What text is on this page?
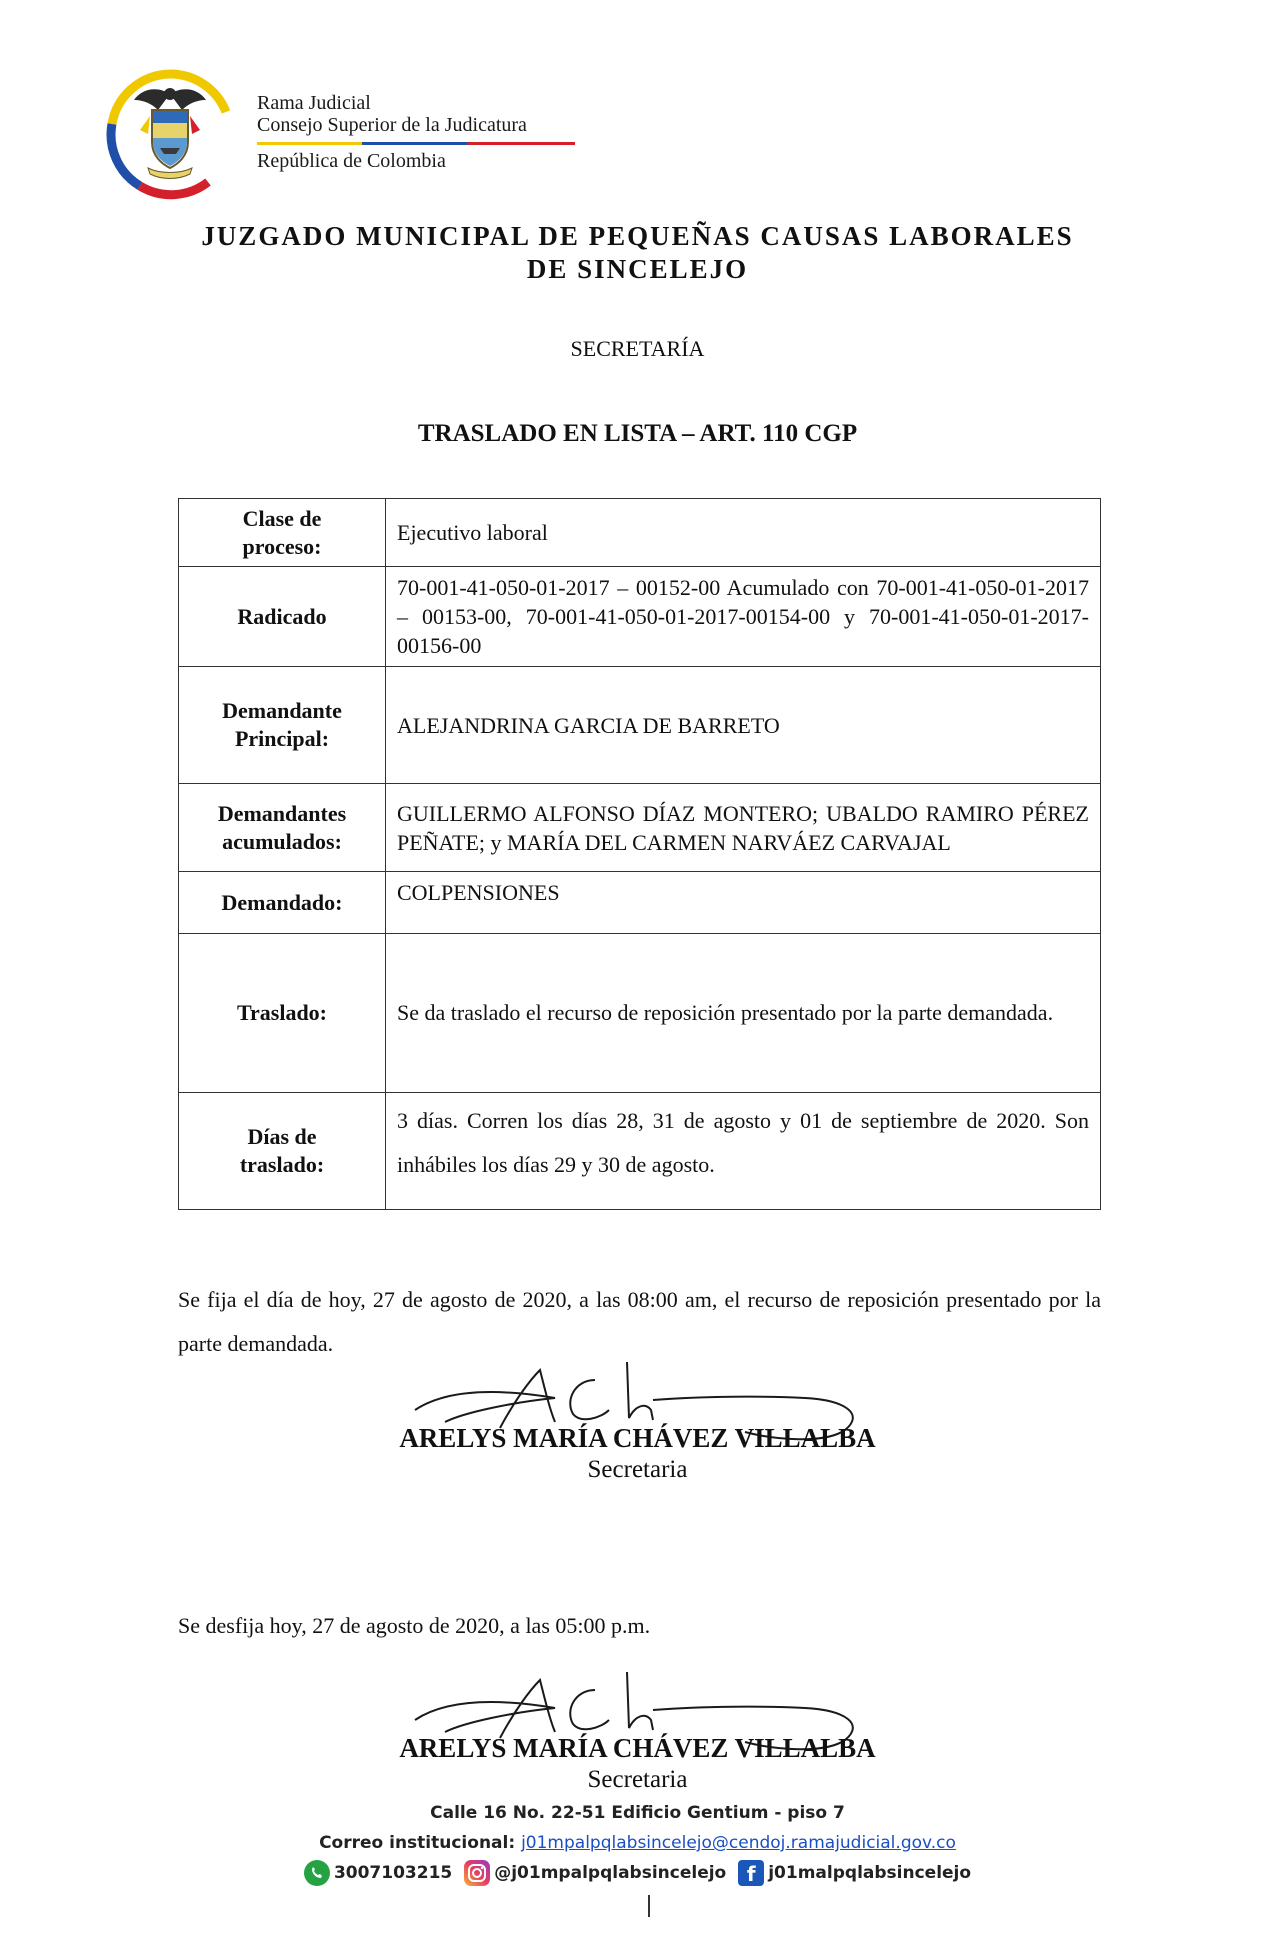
Rama Judicial
Consejo Superior de la Judicatura
República de Colombia
JUZGADO MUNICIPAL DE PEQUEÑAS CAUSAS LABORALES
DE SINCELEJO
SECRETARÍA
TRASLADO EN LISTA – ART. 110 CGP
Clase de
proceso:	Ejecutivo laboral

Radicado	70-001-41-050-01-2017 – 00152-00 Acumulado con 70-001-41-050-01-2017 – 00153-00, 70-001-41-050-01-2017-00154-00 y 70-001-41-050-01-2017-00156-00

Demandante
Principal:	ALEJANDRINA GARCIA DE BARRETO

Demandantes
acumulados:	GUILLERMO ALFONSO DÍAZ MONTERO; UBALDO RAMIRO PÉREZ PEÑATE; y MARÍA DEL CARMEN NARVÁEZ CARVAJAL

Demandado:	COLPENSIONES

Traslado:	Se da traslado el recurso de reposición presentado por la parte demandada.

Días de
traslado:	3 días. Corren los días 28, 31 de agosto y 01 de septiembre de 2020. Son inhábiles los días 29 y 30 de agosto.

Se fija el día de hoy, 27 de agosto de 2020, a las 08:00 am, el recurso de reposición presentado por la parte demandada.

ARELYS MARÍA CHÁVEZ VILLALBA
Secretaria

Se desfija hoy, 27 de agosto de 2020, a las 05:00 p.m.

ARELYS MARÍA CHÁVEZ VILLALBA
Secretaria
Calle 16 No. 22-51 Edificio Gentium - piso 7
Correo institucional: j01mpalpqlabsincelejo@cendoj.ramajudicial.gov.co
3007103215 @j01mpalpqlabsincelejo	f j01malpqlabsincelejo
